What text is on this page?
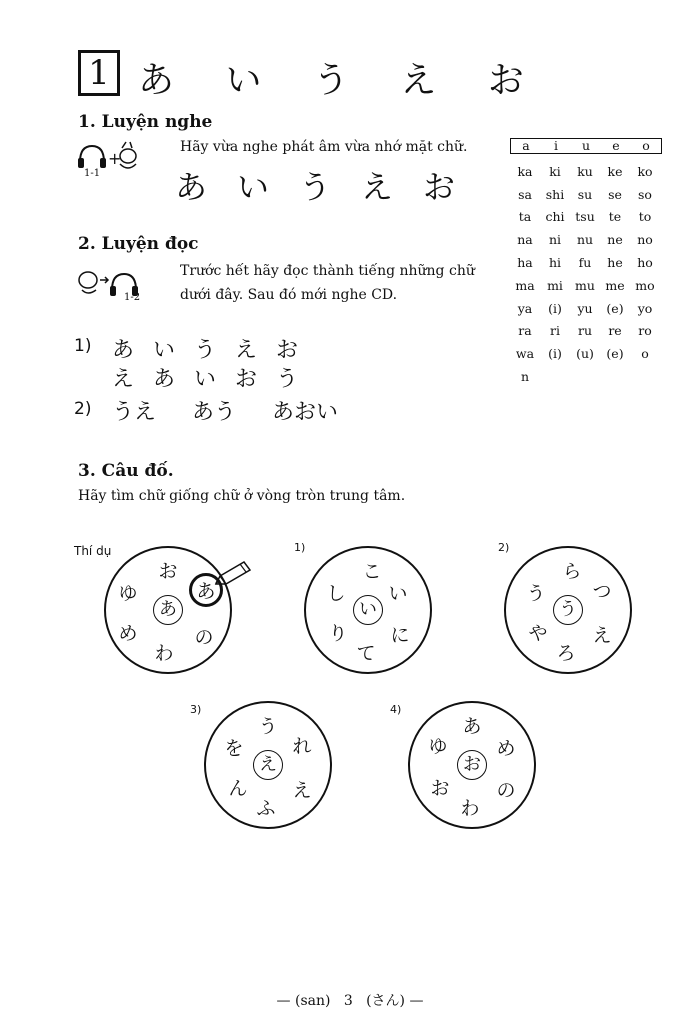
1 あ い う え お
1. Luyện nghe
+
1-1
Hãy vừa nghe phát âm vừa nhớ mặt chữ.
あ い う え お
2. Luyện đọc
1-2
Trước hết hãy đọc thành tiếng những chữ
dưới đây. Sau đó mới nghe CD.
1) あ い う え お
え あ い お う
2) うえ あう あおい
a	i	u	e	o
ka	ki	ku	ke	ko
sa	shi	su	se	so
ta	chi tsu	te	to
na	ni	nu	ne	no
ha	hi	fu	he	ho
ma mi mu me mo
ya	(i)	yu	(e)	yo
ra	ri	ru	re	ro
wa	(i)	(u)	(e)	o
n
3. Câu đố.
Hãy tìm chữ giống chữ ở vòng tròn trung tâm.
Thí dụ
あ
お
あ
ゆ
め
わ
の
い
こ
し い
り
て
に
1)
う
ら
う つ
や
ろ
え
2)
え
う
を	れ
ん
ふ
え
3)
お
あ
ゆ	め
お
わ
の
4)
— (san)   3   (さん) —
